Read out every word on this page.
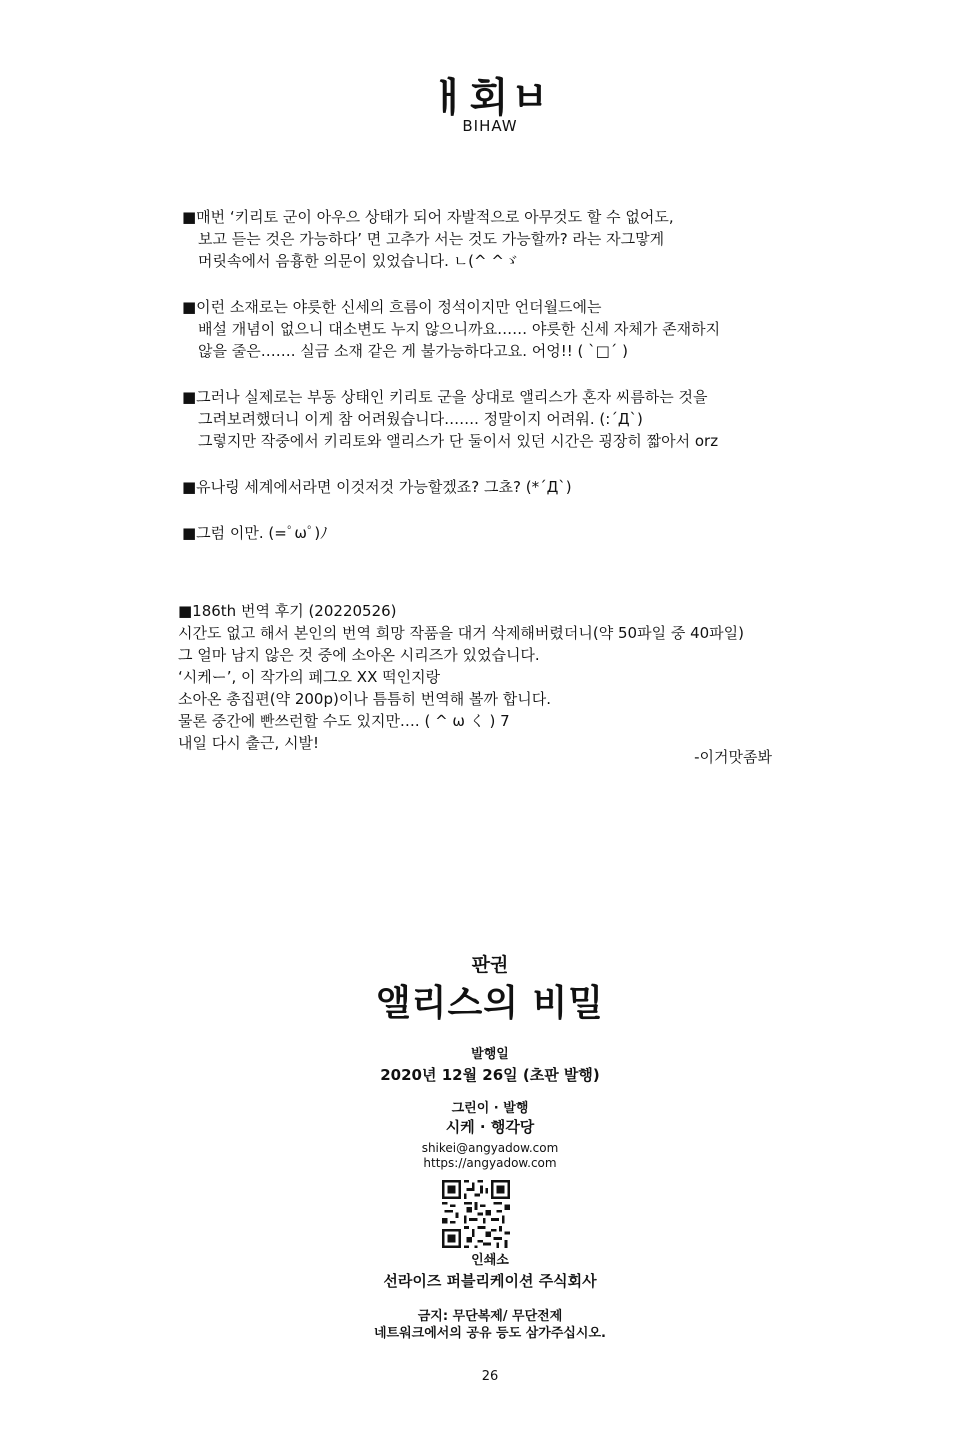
ㅐ회ㅂ
BIHAW
■매번 ‘키리토 군이 아우으 상태가 되어 자발적으로 아무것도 할 수 없어도,
보고 듣는 것은 가능하다’ 면 고추가 서는 것도 가능할까? 라는 자그맣게
머릿속에서 음흉한 의문이 있었습니다. ㄴ(^ ^ゞ
■이런 소재로는 야릇한 신세의 흐름이 정석이지만 언더월드에는
배설 개념이 없으니 대소변도 누지 않으니까요…… 야릇한 신세 자체가 존재하지
않을 줄은……. 실금 소재 같은 게 불가능하다고요. 어엉!! ( `□´ )
■그러나 실제로는 부동 상태인 키리토 군을 상대로 앨리스가 혼자 씨름하는 것을
그려보려했더니 이게 참 어려웠습니다……. 정말이지 어려워. (:´Д`)
그렇지만 작중에서 키리토와 앨리스가 단 둘이서 있던 시간은 굉장히 짧아서 orz
■유나링 세계에서라면 이것저것 가능할겠죠? 그쵸? (*´Д`)
■그럼 이만. (=ﾟωﾟ)ﾉ
■186th 번역 후기 (20220526)
시간도 없고 해서 본인의 번역 희망 작품을 대거 삭제해버렸더니(약 50파일 중 40파일)
그 얼마 남지 않은 것 중에 소아온 시리즈가 있었습니다.
‘시케ー’, 이 작가의 페그오 XX 떡인지랑
소아온 총집편(약 200p)이나 틈틈히 번역해 볼까 합니다.
물론 중간에 빤쓰런할 수도 있지만…. ( ^ ω く ) 7
내일 다시 출근, 시발!
-이거맛좀봐
판권
앨리스의 비밀
발행일
2020년 12월 26일 (초판 발행)
그린이 · 발행
시케 · 행각당
shikei@angyadow.com
https://angyadow.com
인쇄소
선라이즈 퍼블리케이션 주식회사
금지: 무단복제/ 무단전제
네트워크에서의 공유 등도 삼가주십시오.
26
